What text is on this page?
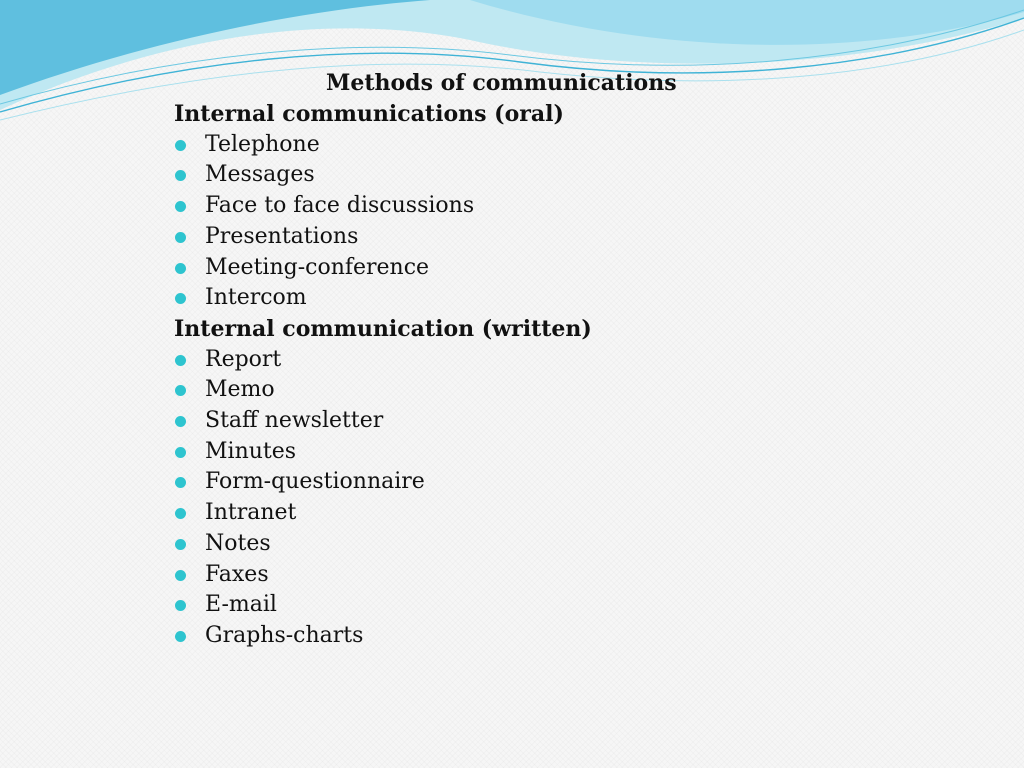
Methods of communications
Internal communications (oral)
Telephone
Messages
Face to face discussions
Presentations
Meeting-conference
Intercom
Internal communication (written)
Report
Memo
Staff newsletter
Minutes
Form-questionnaire
Intranet
Notes
Faxes
E-mail
Graphs-charts
